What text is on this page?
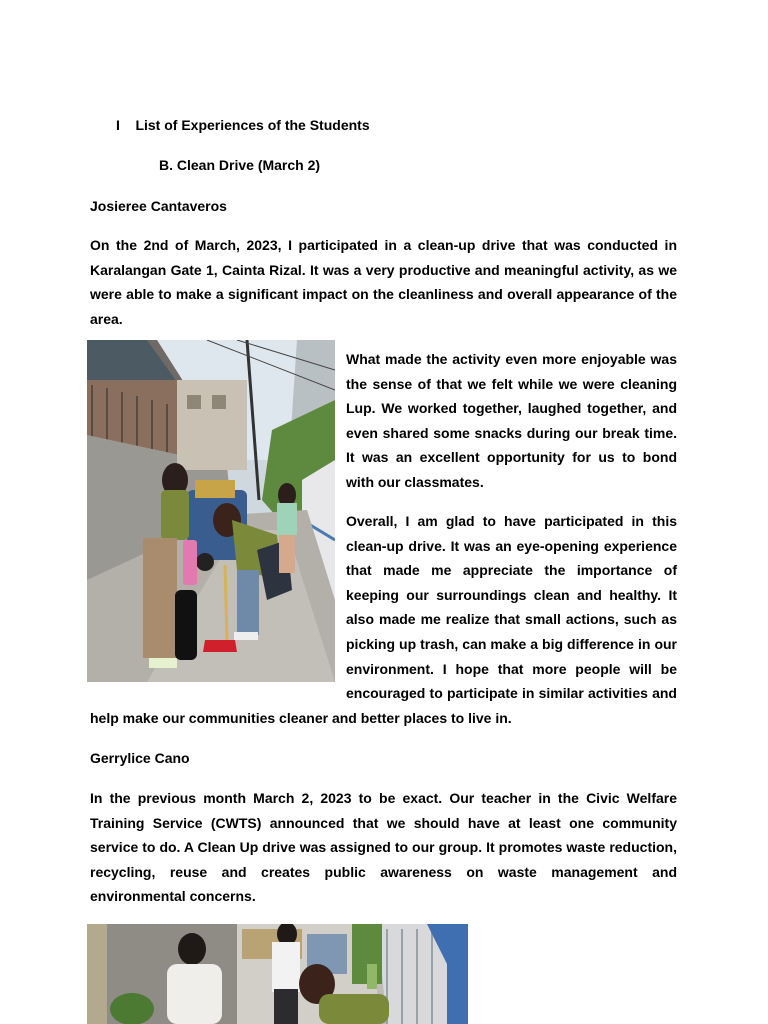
I List of Experiences of the Students

B. Clean Drive (March 2)

Josieree Cantaveros

On the 2nd of March, 2023, I participated in a clean-up drive that was conducted in Karalangan Gate 1, Cainta Rizal. It was a very productive and meaningful activity, as we were able to make a significant impact on the cleanliness and overall appearance of the area.

What made the activity even more enjoyable was the sense of that we felt while we were cleaning Lup. We worked together, laughed together, and even shared some snacks during our break time. It was an excellent opportunity for us to bond with our classmates.

Overall, I am glad to have participated in this clean-up drive. It was an eye-opening experience that made me appreciate the importance of keeping our surroundings clean and healthy. It also made me realize that small actions, such as picking up trash, can make a big difference in our environment. I hope that more people will be encouraged to participate in similar activities and

help make our communities cleaner and better places to live in.

Gerrylice Cano

In the previous month March 2, 2023 to be exact. Our teacher in the Civic Welfare Training Service (CWTS) announced that we should have at least one community service to do. A Clean Up drive was assigned to our group. It promotes waste reduction, recycling, reuse and creates public awareness on waste management and environmental concerns.
